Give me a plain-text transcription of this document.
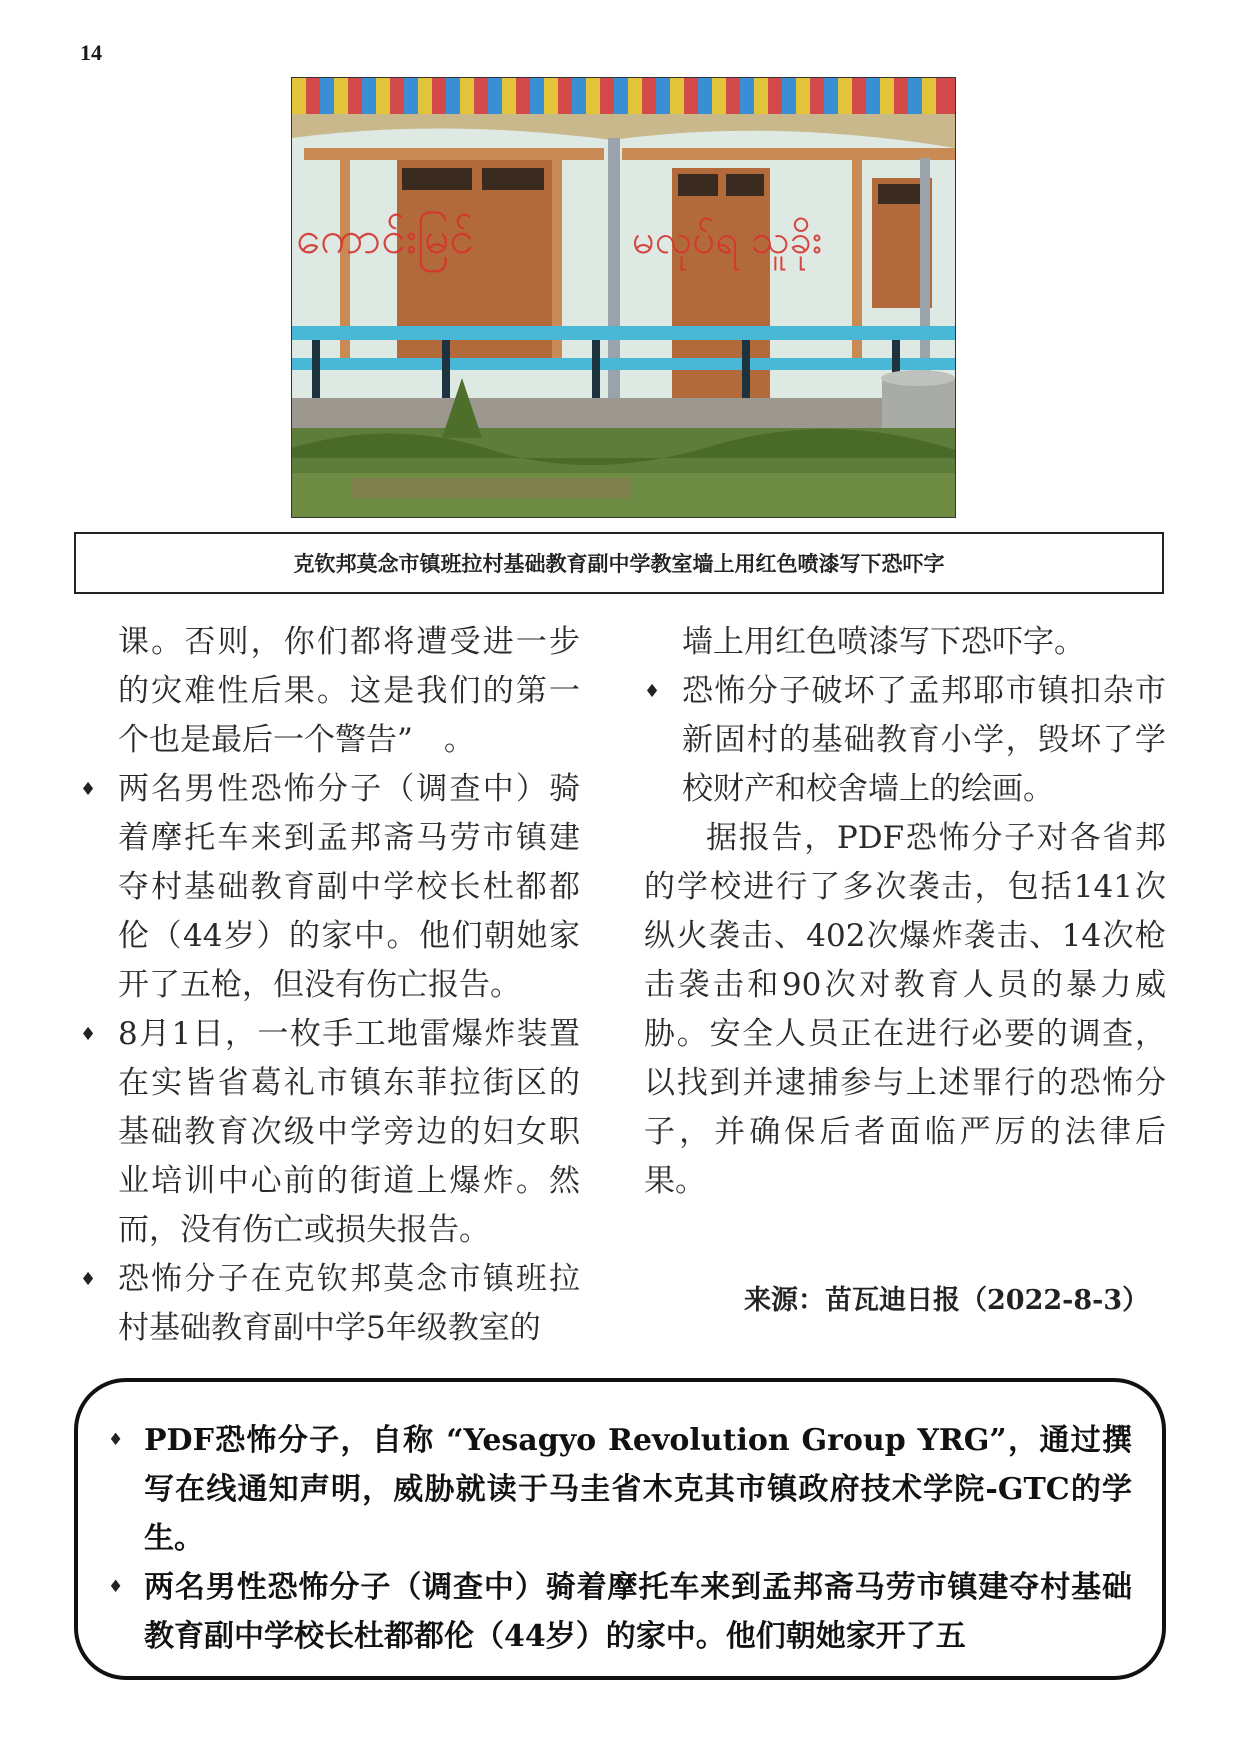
14
ကောင်းမြင်	မလုပ်ရ သူခိုး
克钦邦莫念市镇班拉村基础教育副中学教室墙上用红色喷漆写下恐吓字
课。否则，你们都将遭受进一步的灾难性后果。这是我们的第一个也是最后一个警告”　。
♦ 两名男性恐怖分子（调查中）骑着摩托车来到孟邦斋马劳市镇建夺村基础教育副中学校长杜都都伦（44岁）的家中。他们朝她家开了五枪，但没有伤亡报告。
♦ 8月1日，一枚手工地雷爆炸装置在实皆省葛礼市镇东菲拉街区的基础教育次级中学旁边的妇女职业培训中心前的街道上爆炸。然而，没有伤亡或损失报告。
♦ 恐怖分子在克钦邦莫念市镇班拉村基础教育副中学5年级教室的
墙上用红色喷漆写下恐吓字。
♦ 恐怖分子破坏了孟邦耶市镇扣杂市新固村的基础教育小学，毁坏了学校财产和校舍墙上的绘画。
据报告，PDF恐怖分子对各省邦的学校进行了多次袭击，包括141次纵火袭击、402次爆炸袭击、14次枪击袭击和90次对教育人员的暴力威胁。安全人员正在进行必要的调查，以找到并逮捕参与上述罪行的恐怖分子，并确保后者面临严厉的法律后果。
来源：苗瓦迪日报（2022-8-3）
♦ PDF恐怖分子，自称 “Yesagyo Revolution Group YRG”，通过撰写在线通知声明，威胁就读于马圭省木克其市镇政府技术学院-GTC的学生。
♦ 两名男性恐怖分子（调查中）骑着摩托车来到孟邦斋马劳市镇建夺村基础教育副中学校长杜都都伦（44岁）的家中。他们朝她家开了五
